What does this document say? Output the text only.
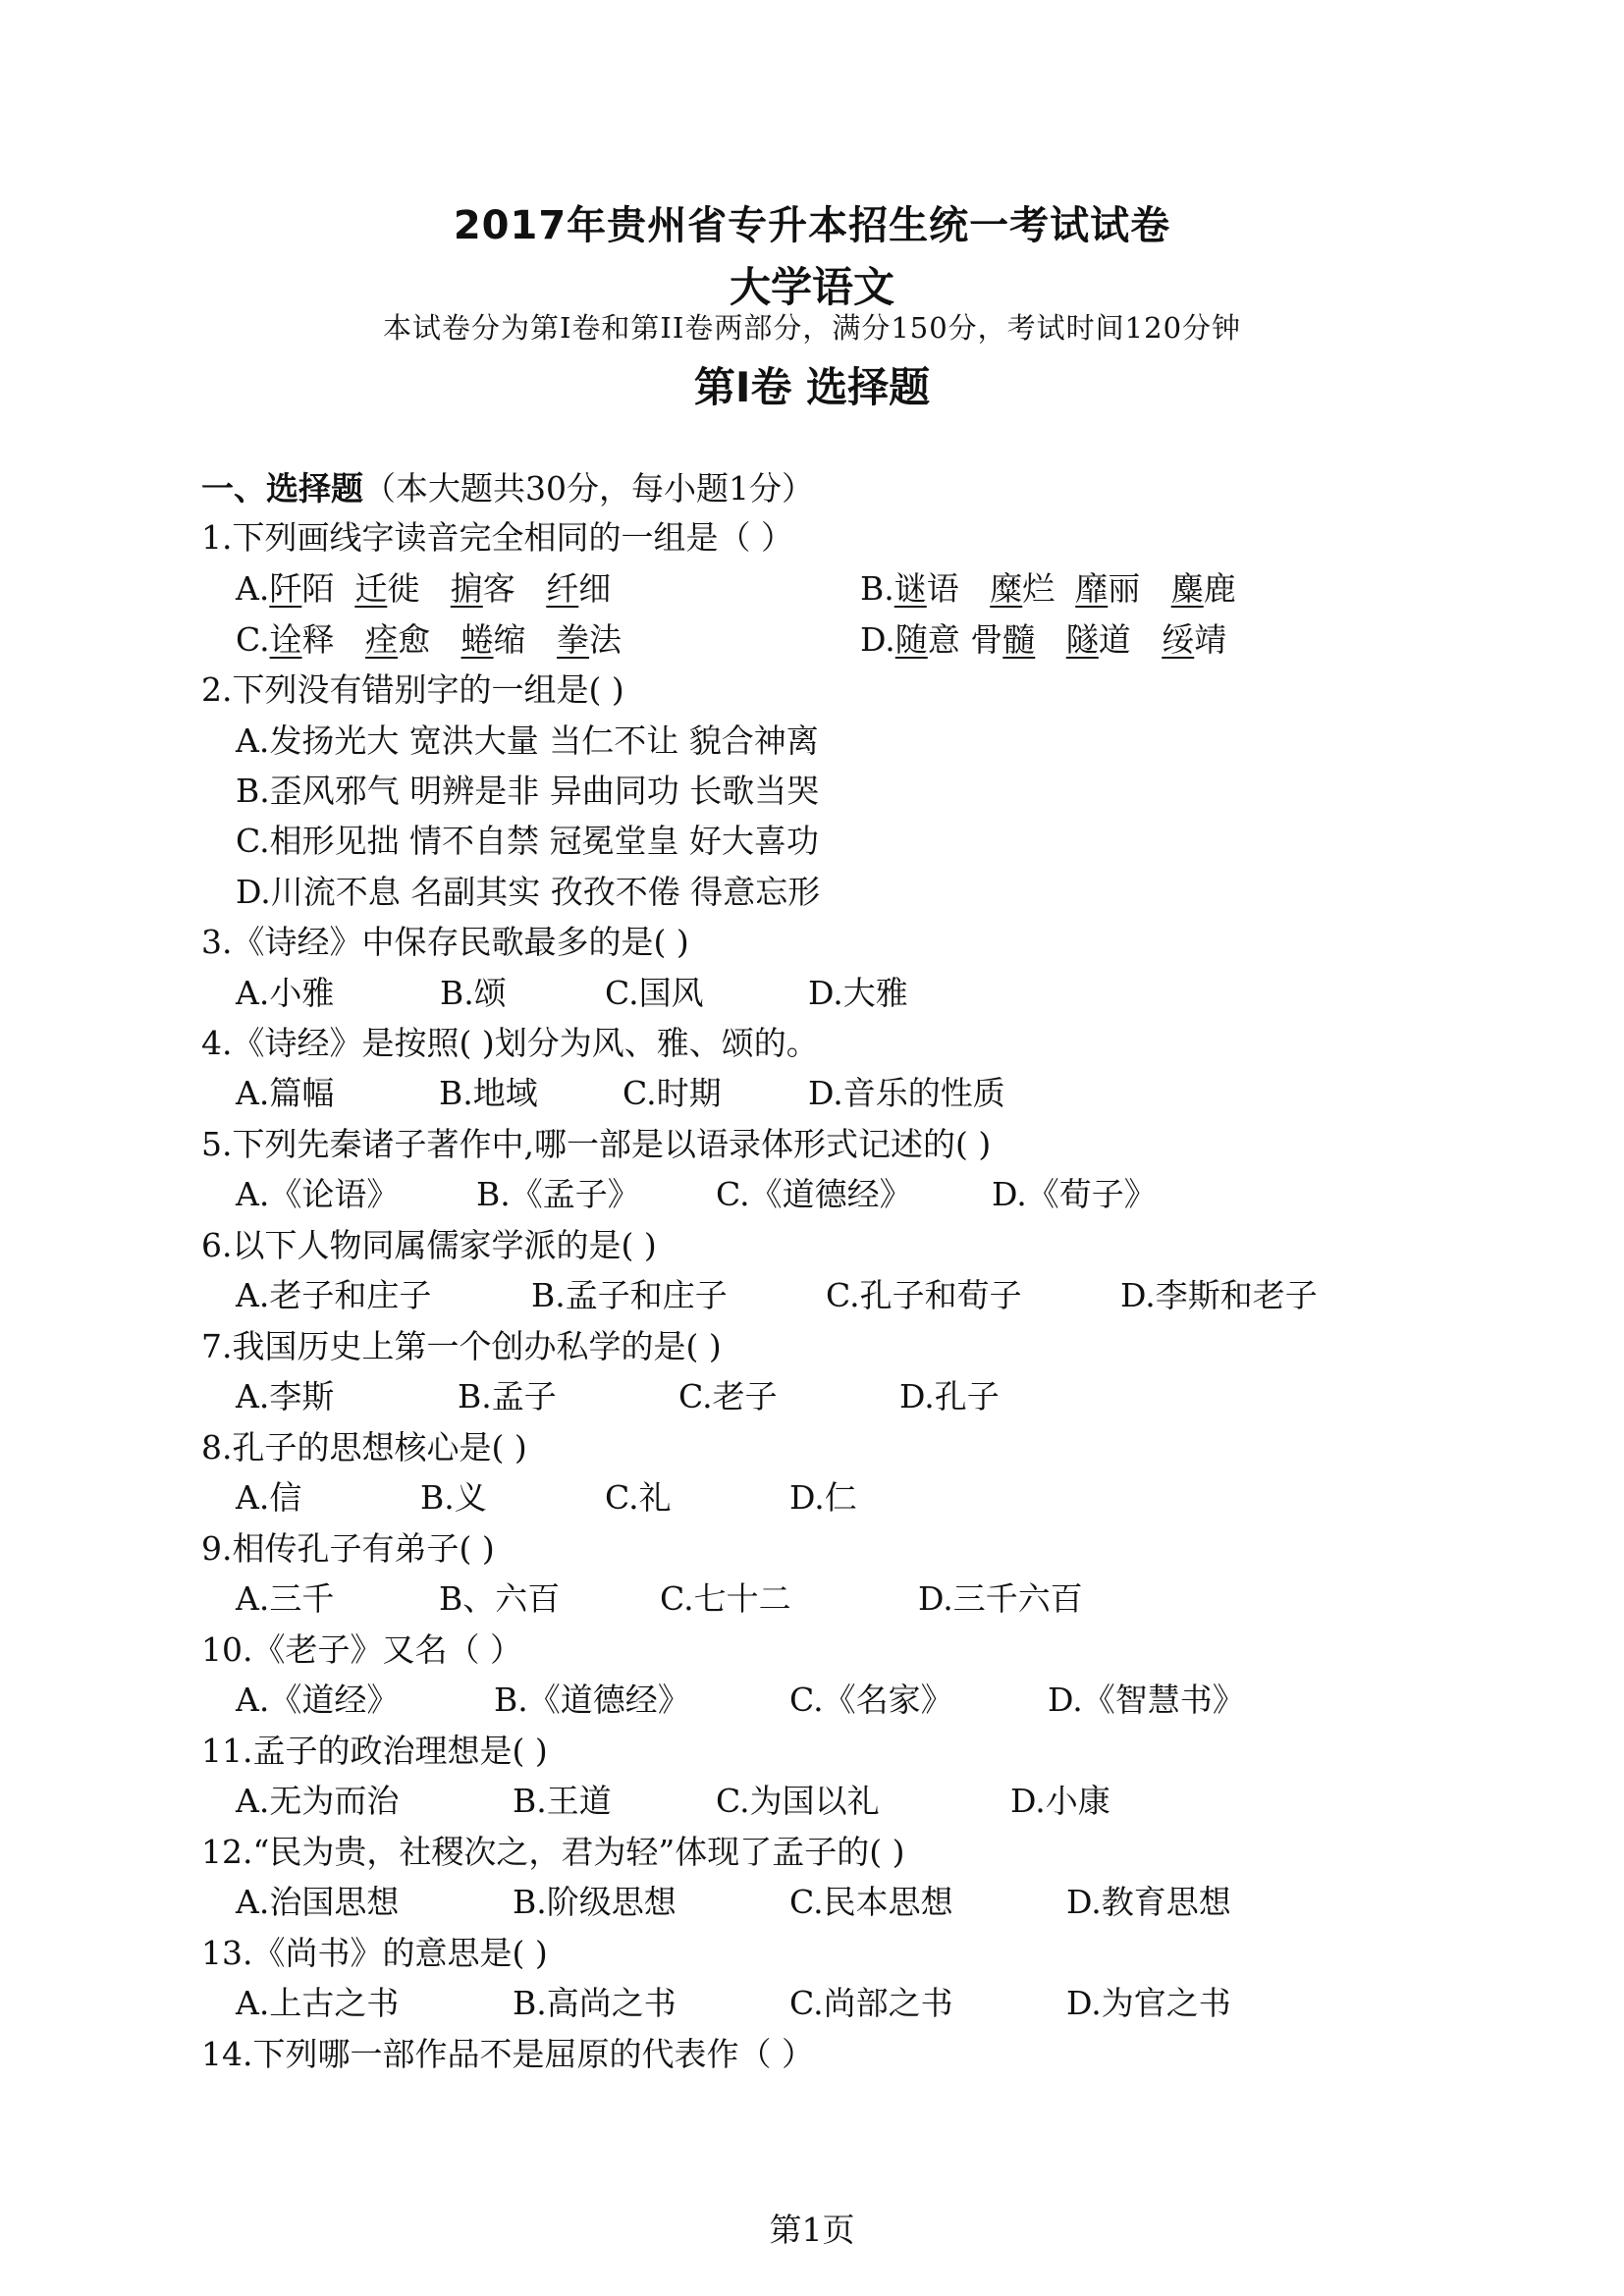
2017年贵州省专升本招生统一考试试卷
大学语文
本试卷分为第Ⅰ卷和第II卷两部分，满分150分，考试时间120分钟
第Ⅰ卷 选择题
一、选择题（本大题共30分，每小题1分）
1.下列画线字读音完全相同的一组是（ ）
A.阡陌 迁徙 掮客 纤细	B.谜语 糜烂 靡丽 麋鹿
C.诠释 痊愈 蜷缩 拳法	D.随意 骨髓 隧道 绥靖
2.下列没有错别字的一组是( )
A.发扬光大 宽洪大量 当仁不让 貌合神离
B.歪风邪气 明辨是非 异曲同功 长歌当哭
C.相形见拙 情不自禁 冠冕堂皇 好大喜功
D.川流不息 名副其实 孜孜不倦 得意忘形
3.《诗经》中保存民歌最多的是( )
A.小雅	B.颂	C.国风	D.大雅
4.《诗经》是按照( )划分为风、雅、颂的。
A.篇幅	B.地域	C.时期	D.音乐的性质
5.下列先秦诸子著作中,哪一部是以语录体形式记述的( )
A.《论语》 B.《孟子》 C.《道德经》 D.《荀子》
6.以下人物同属儒家学派的是( )
A.老子和庄子	B.孟子和庄子	C.孔子和荀子	D.李斯和老子
7.我国历史上第一个创办私学的是( )
A.李斯	B.孟子	C.老子	D.孔子
8.孔子的思想核心是( )
A.信	B.义	C.礼	D.仁
9.相传孔子有弟子( )
A.三千	B、六百	C.七十二	D.三千六百
10.《老子》又名（ ）
A.《道经》	B.《道德经》	C.《名家》	D.《智慧书》
11.孟子的政治理想是( )
A.无为而治	B.王道	C.为国以礼	D.小康
12.“民为贵，社稷次之，君为轻”体现了孟子的( )
A.治国思想	B.阶级思想	C.民本思想	D.教育思想
13.《尚书》的意思是( )
A.上古之书	B.高尚之书	C.尚部之书	D.为官之书
14.下列哪一部作品不是屈原的代表作（ ）
第1页
